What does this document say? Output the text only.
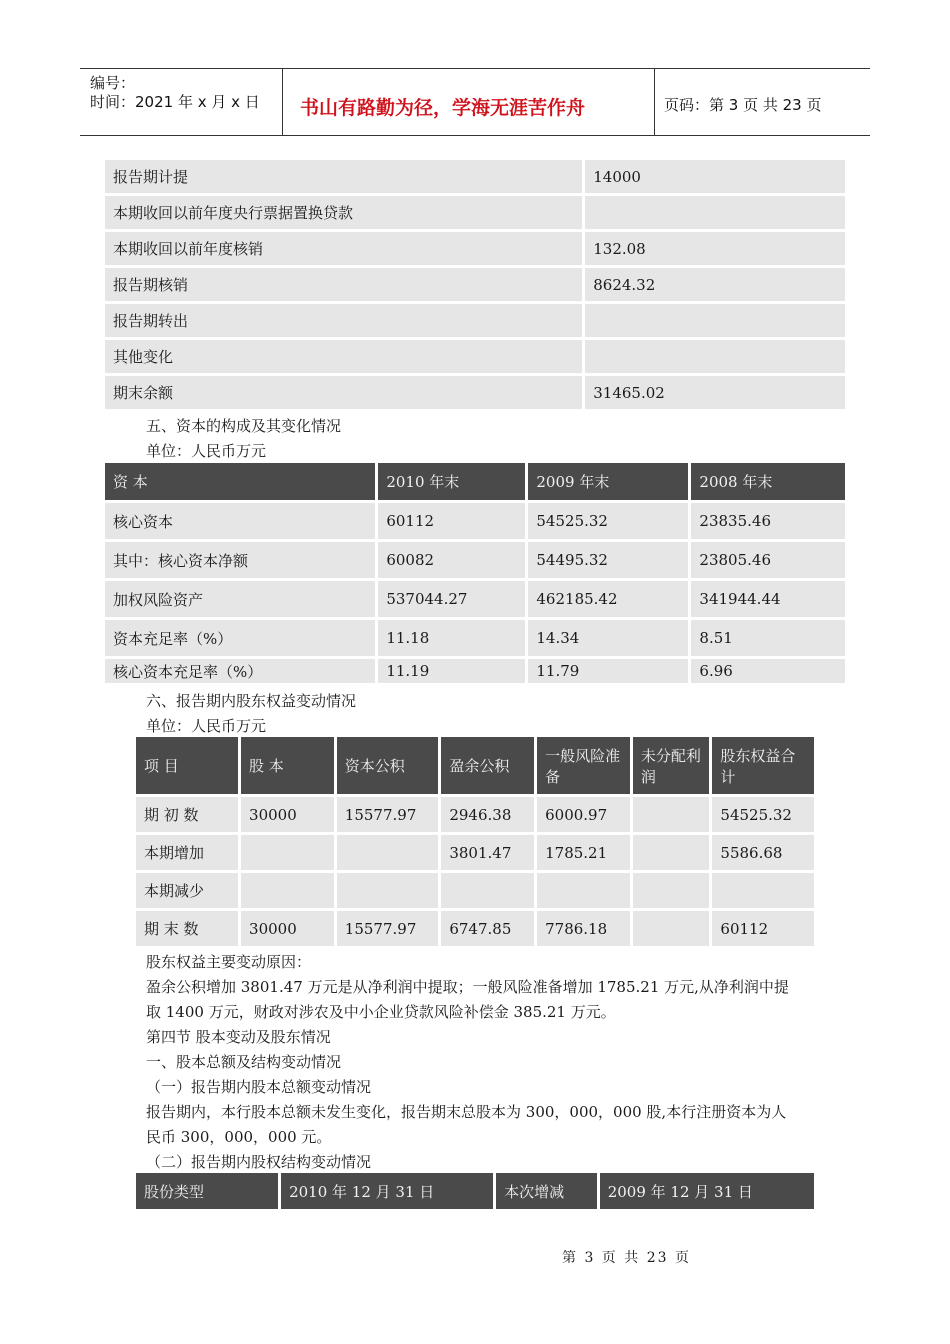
编号：
时间：2021 年 x 月 x 日 书山有路勤为径，学海无涯苦作舟	页码：第 3 页 共 23 页
报告期计提	14000
本期收回以前年度央行票据置换贷款	
本期收回以前年度核销	132.08
报告期核销	8624.32
报告期转出	
其他变化	
期末余额	31465.02
五、资本的构成及其变化情况
单位：人民币万元
资 本	2010 年末	2009 年末	2008 年末
核心资本	60112	54525.32	23835.46
其中：核心资本净额	60082	54495.32	23805.46
加权风险资产	537044.27	462185.42	341944.44
资本充足率（%）	11.18	14.34	8.51
核心资本充足率（%）	11.19	11.79	6.96
六、报告期内股东权益变动情况
单位：人民币万元
项 目	股 本	资本公积	盈余公积	一般风险准备	未分配利润	股东权益合计
期 初 数	30000	15577.97	2946.38	6000.97		54525.32
本期增加			3801.47	1785.21		5586.68
本期减少						
期 末 数	30000	15577.97	6747.85	7786.18		60112
股东权益主要变动原因：
盈余公积增加 3801.47 万元是从净利润中提取；一般风险准备增加 1785.21 万元,从净利润中提
取 1400 万元，财政对涉农及中小企业贷款风险补偿金 385.21 万元。
第四节 股本变动及股东情况
一、股本总额及结构变动情况
（一）报告期内股本总额变动情况
报告期内，本行股本总额未发生变化，报告期末总股本为 300，000，000 股,本行注册资本为人
民币 300，000，000 元。
（二）报告期内股权结构变动情况
股份类型	2010 年 12 月 31 日	本次增减	2009 年 12 月 31 日
第 3 页 共 23 页
